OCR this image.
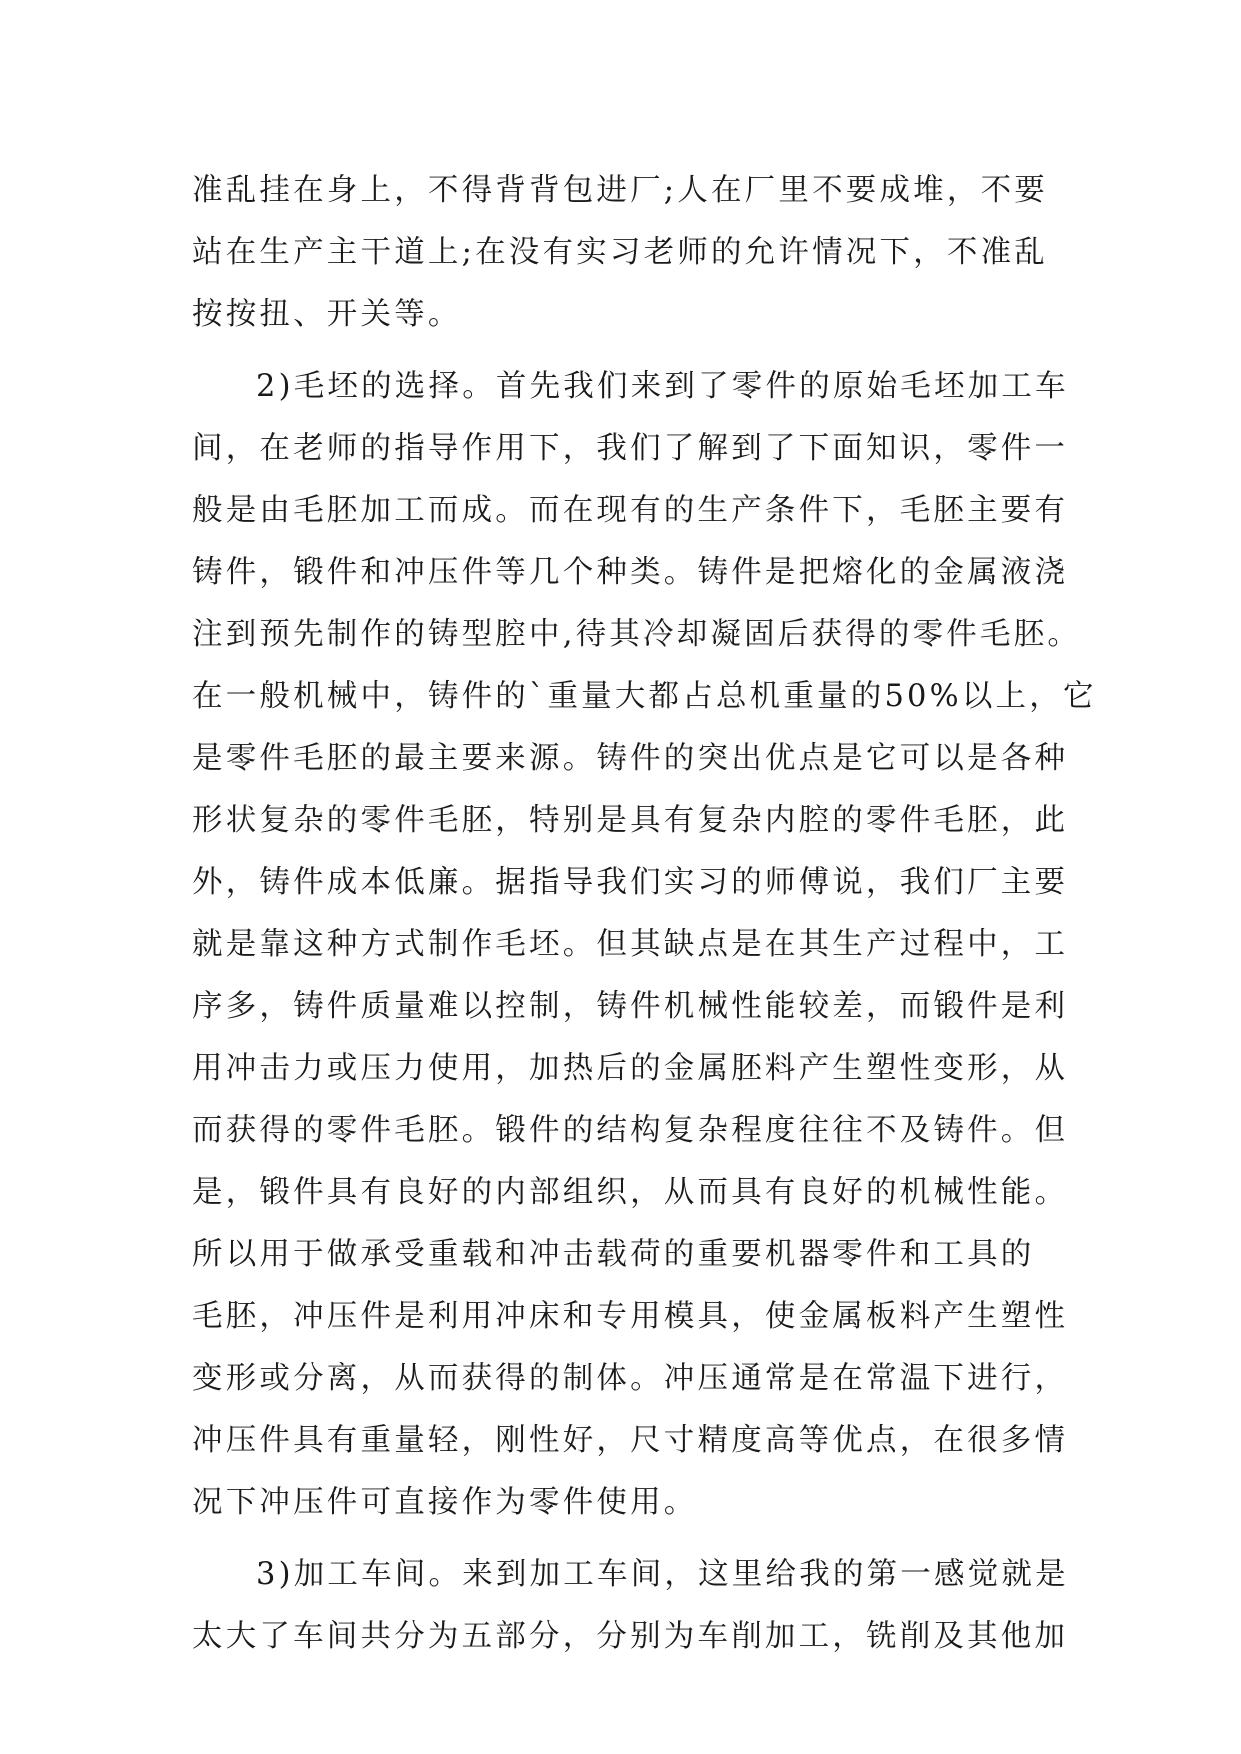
准乱挂在身上，不得背背包进厂;人在厂里不要成堆，不要
站在生产主干道上;在没有实习老师的允许情况下，不准乱
按按扭、开关等。
2)毛坯的选择。首先我们来到了零件的原始毛坯加工车
间，在老师的指导作用下，我们了解到了下面知识，零件一
般是由毛胚加工而成。而在现有的生产条件下，毛胚主要有
铸件，锻件和冲压件等几个种类。铸件是把熔化的金属液浇
注到预先制作的铸型腔中,待其冷却凝固后获得的零件毛胚。
在一般机械中，铸件的`重量大都占总机重量的50%以上，它
是零件毛胚的最主要来源。铸件的突出优点是它可以是各种
形状复杂的零件毛胚，特别是具有复杂内腔的零件毛胚，此
外，铸件成本低廉。据指导我们实习的师傅说，我们厂主要
就是靠这种方式制作毛坯。但其缺点是在其生产过程中，工
序多，铸件质量难以控制，铸件机械性能较差，而锻件是利
用冲击力或压力使用，加热后的金属胚料产生塑性变形，从
而获得的零件毛胚。锻件的结构复杂程度往往不及铸件。但
是，锻件具有良好的内部组织，从而具有良好的机械性能。
所以用于做承受重载和冲击载荷的重要机器零件和工具的
毛胚，冲压件是利用冲床和专用模具，使金属板料产生塑性
变形或分离，从而获得的制体。冲压通常是在常温下进行，
冲压件具有重量轻，刚性好，尺寸精度高等优点，在很多情
况下冲压件可直接作为零件使用。
3)加工车间。来到加工车间，这里给我的第一感觉就是
太大了车间共分为五部分，分别为车削加工，铣削及其他加
